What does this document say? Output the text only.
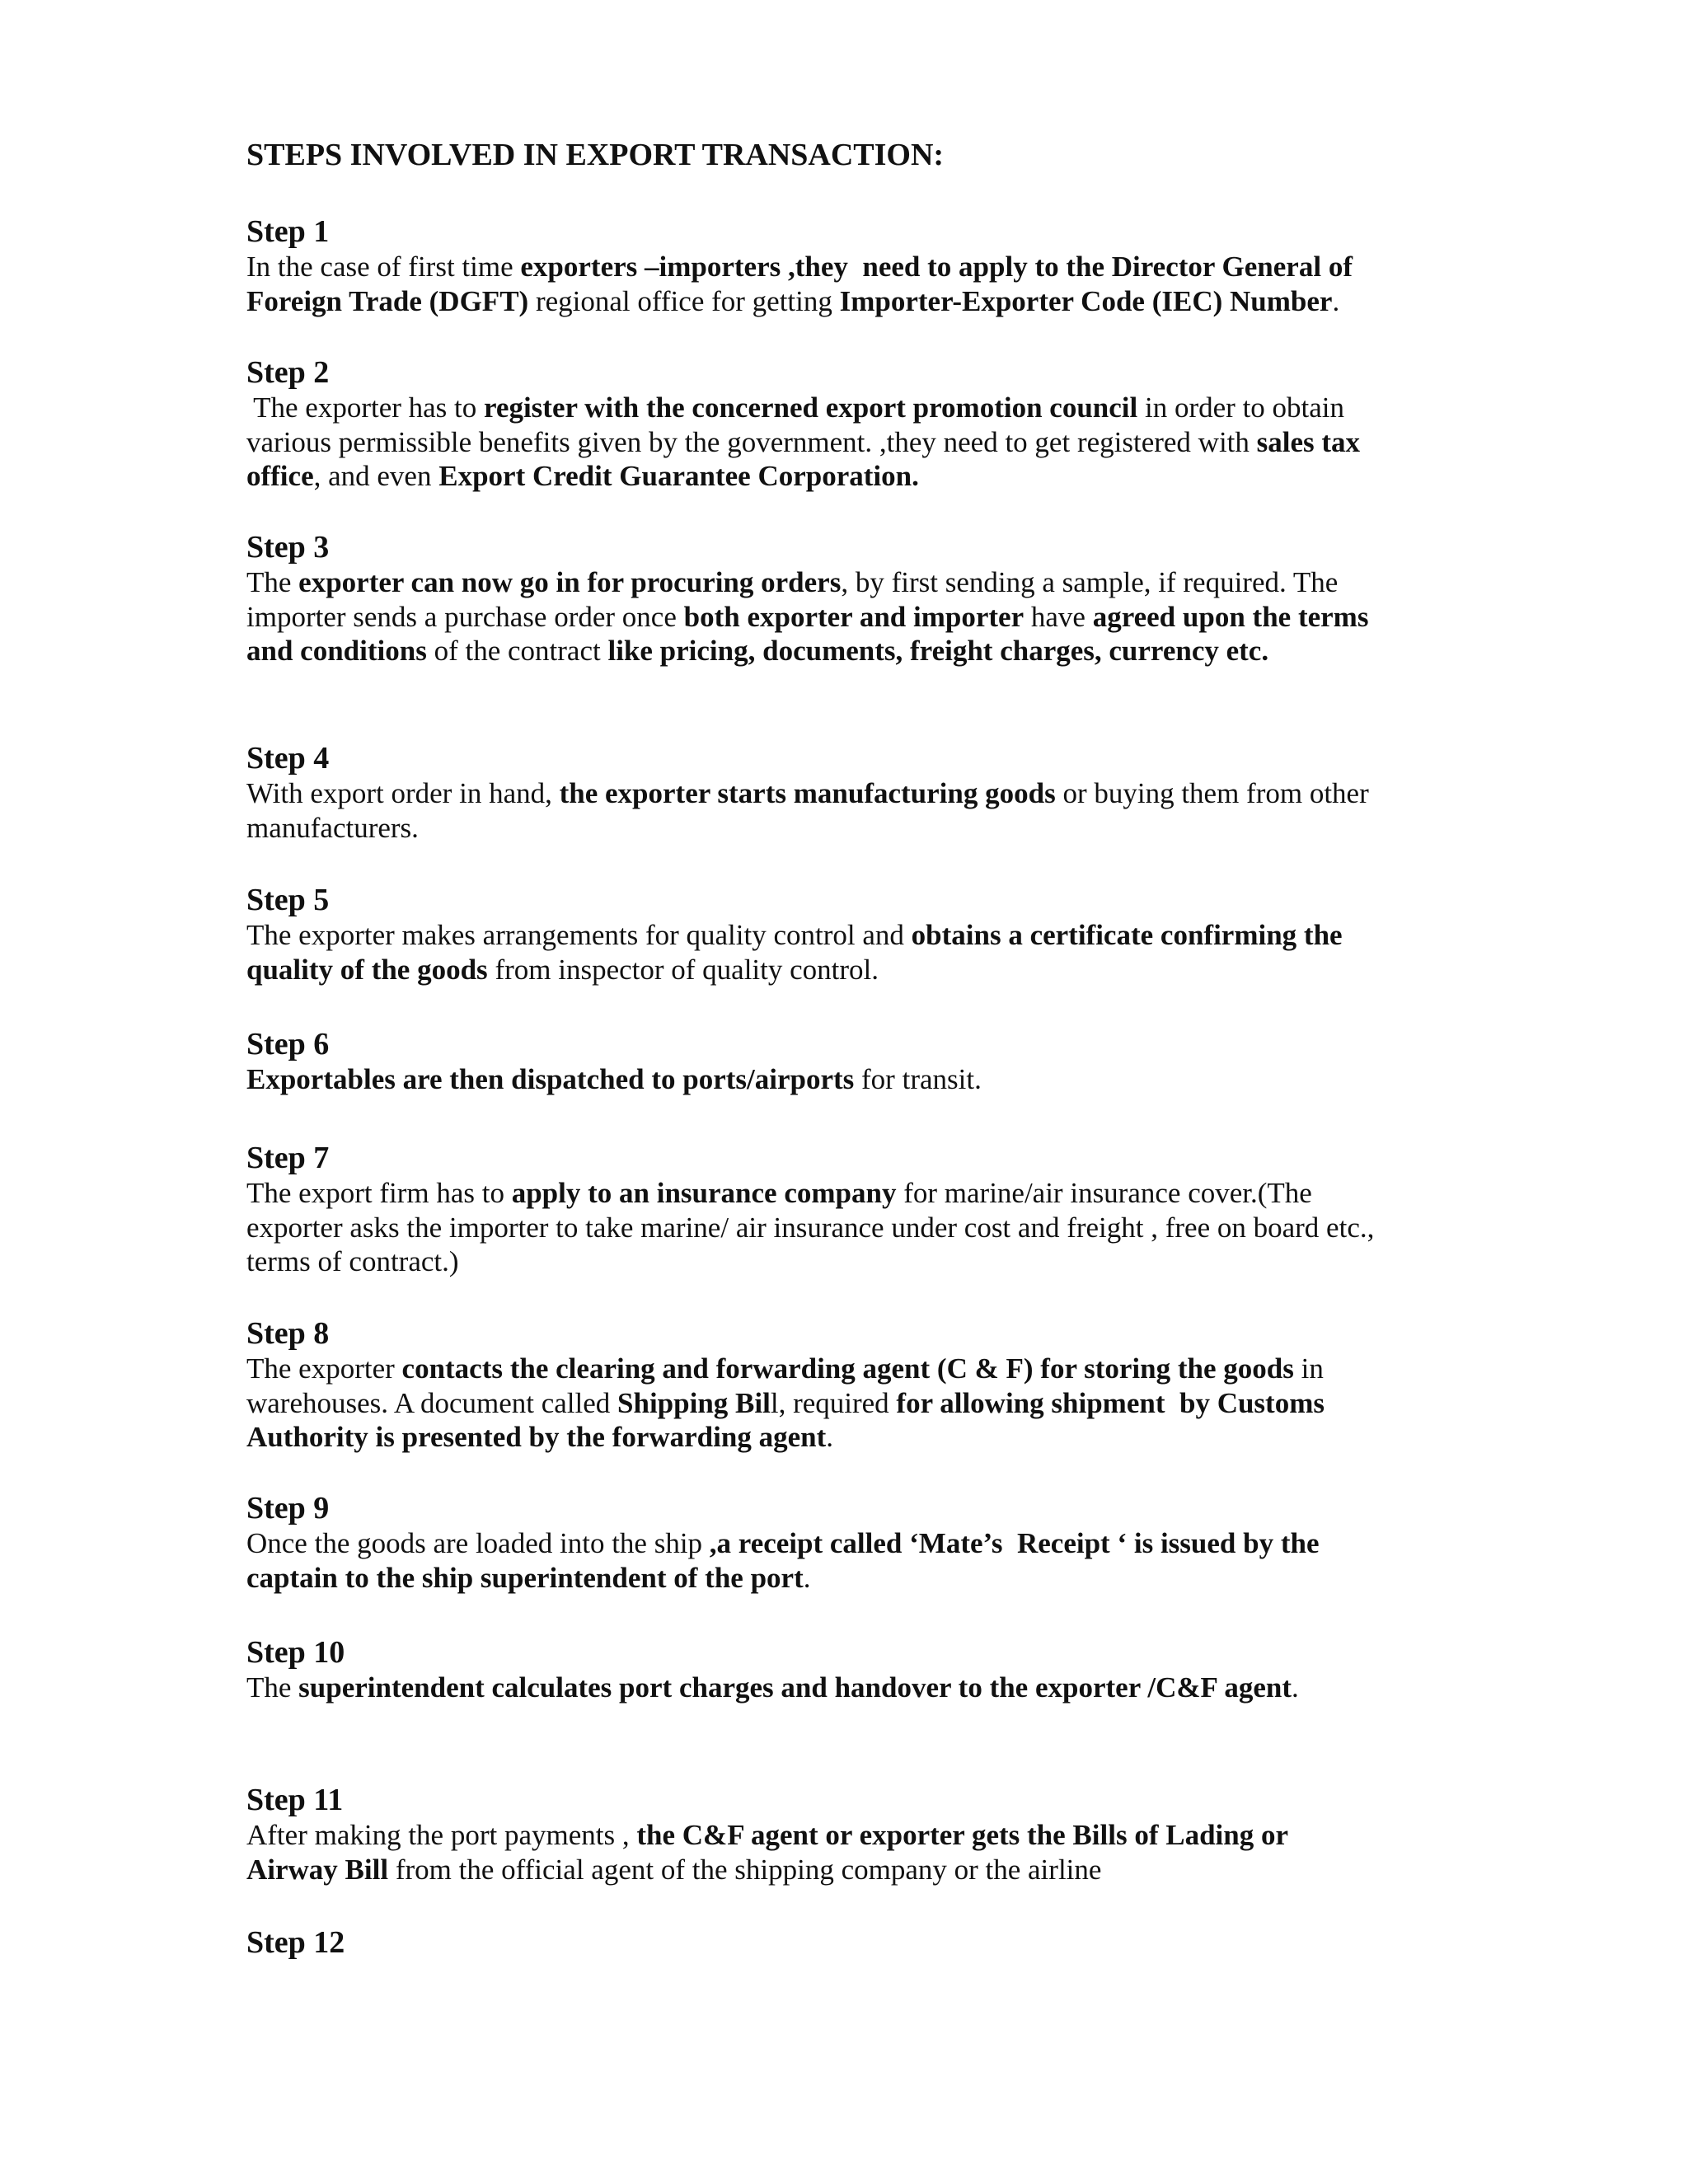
STEPS INVOLVED IN EXPORT TRANSACTION:
Step 1

In the case of first time exporters –importers ,they  need to apply to the Director General of
Foreign Trade (DGFT) regional office for getting Importer-Exporter Code (IEC) Number.

Step 2

The exporter has to register with the concerned export promotion council in order to obtain
various permissible benefits given by the government. ,they need to get registered with sales tax
office, and even Export Credit Guarantee Corporation.

Step 3

The exporter can now go in for procuring orders, by first sending a sample, if required. The
importer sends a purchase order once both exporter and importer have agreed upon the terms
and conditions of the contract like pricing, documents, freight charges, currency etc.

Step 4

With export order in hand, the exporter starts manufacturing goods or buying them from other
manufacturers.

Step 5

The exporter makes arrangements for quality control and obtains a certificate confirming the
quality of the goods from inspector of quality control.

Step 6

Exportables are then dispatched to ports/airports for transit.

Step 7

The export firm has to apply to an insurance company for marine/air insurance cover.(The
exporter asks the importer to take marine/ air insurance under cost and freight , free on board etc.,
terms of contract.)

Step 8

The exporter contacts the clearing and forwarding agent (C & F) for storing the goods in
warehouses. A document called Shipping Bill, required for allowing shipment  by Customs
Authority is presented by the forwarding agent.

Step 9

Once the goods are loaded into the ship ,a receipt called ‘Mate’s  Receipt ‘ is issued by the
captain to the ship superintendent of the port.

Step 10

The superintendent calculates port charges and handover to the exporter /C&F agent.

Step 11

After making the port payments , the C&F agent or exporter gets the Bills of Lading or
Airway Bill from the official agent of the shipping company or the airline

Step 12
